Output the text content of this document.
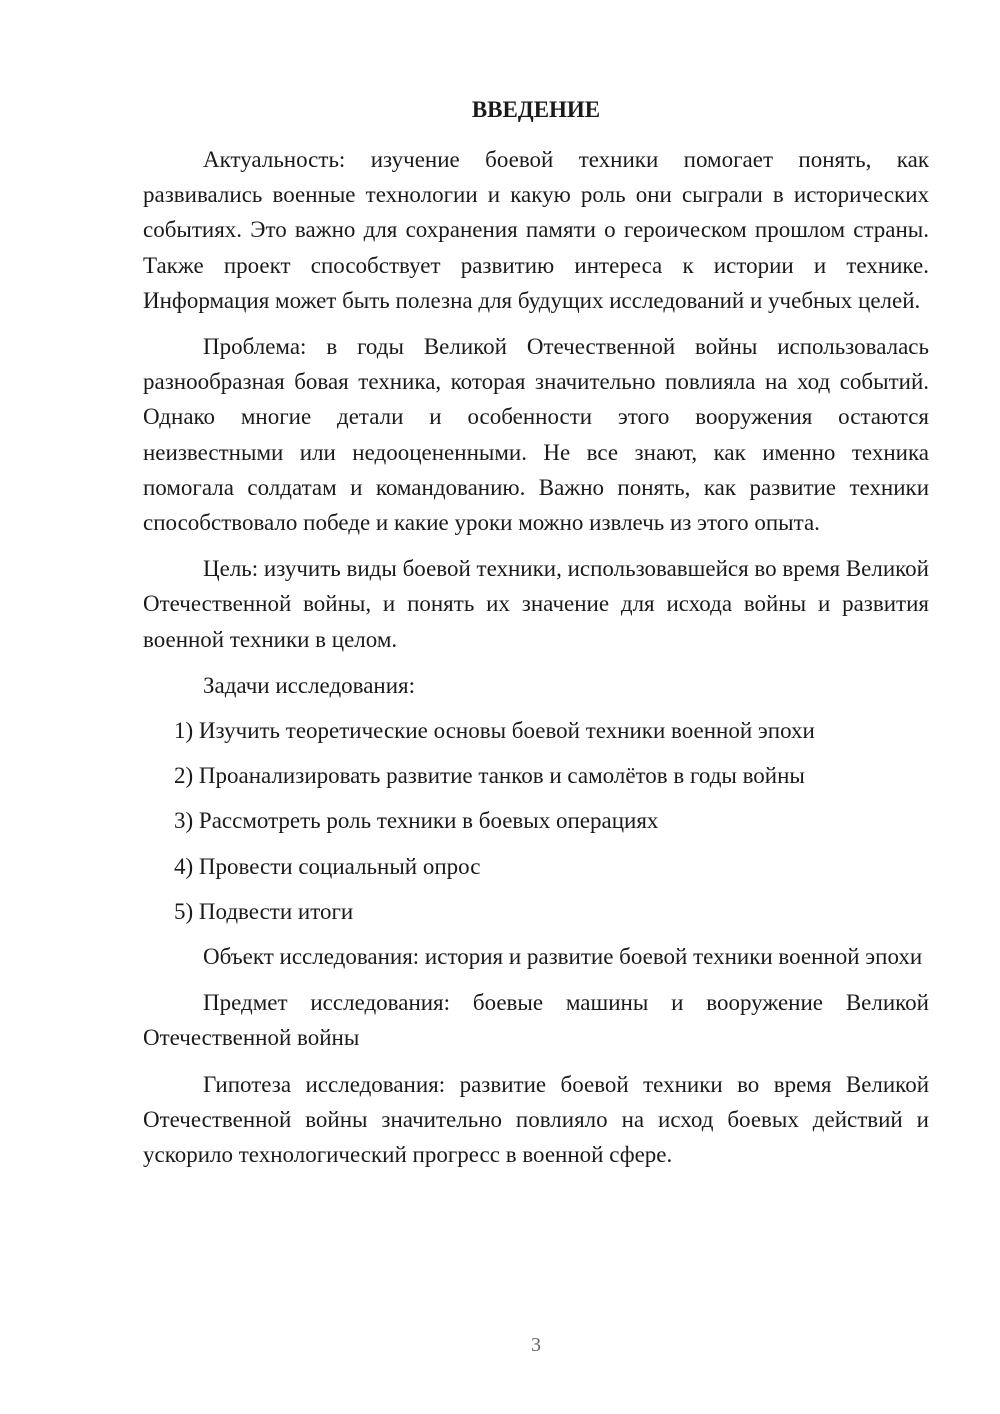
ВВЕДЕНИЕ

Актуальность: изучение боевой техники помогает понять, как развивались военные технологии и какую роль они сыграли в исторических событиях. Это важно для сохранения памяти о героическом прошлом страны. Также проект способствует развитию интереса к истории и технике. Информация может быть полезна для будущих исследований и учебных целей.

Проблема: в годы Великой Отечественной войны использовалась разнообразная бовая техника, которая значительно повлияла на ход событий. Однако многие детали и особенности этого вооружения остаются неизвестными или недооцененными. Не все знают, как именно техника помогала солдатам и командованию. Важно понять, как развитие техники способствовало победе и какие уроки можно извлечь из этого опыта.

Цель: изучить виды боевой техники, использовавшейся во время Великой Отечественной войны, и понять их значение для исхода войны и развития военной техники в целом.

Задачи исследования:

1) Изучить теоретические основы боевой техники военной эпохи
2) Проанализировать развитие танков и самолётов в годы войны
3) Рассмотреть роль техники в боевых операциях
4) Провести социальный опрос
5) Подвести итоги

Объект исследования: история и развитие боевой техники военной эпохи

Предмет исследования: боевые машины и вооружение Великой Отечественной войны

Гипотеза исследования: развитие боевой техники во время Великой Отечественной войны значительно повлияло на исход боевых действий и ускорило технологический прогресс в военной сфере.

3
